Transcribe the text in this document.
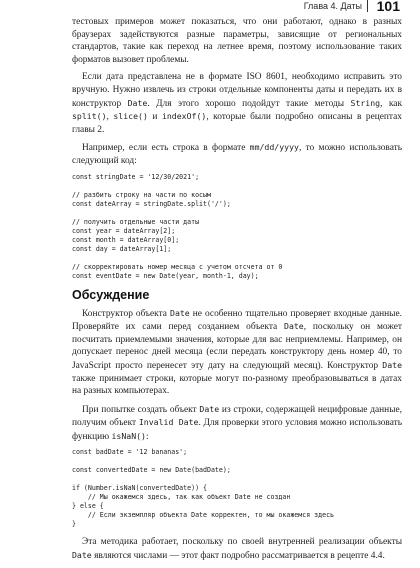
Глава 4. Даты	101

тестовых примеров может показаться, что они работают, однако в разных браузерах задействуются разные параметры, зависящие от региональных стандартов, такие как переход на летнее время, поэтому использование таких форматов вызовет проблемы.

Если дата представлена не в формате ISO 8601, необходимо исправить это вручную. Нужно извлечь из строки отдельные компоненты даты и передать их в конструктор Date. Для этого хорошо подойдут такие методы String, как split(), slice() и indexOf(), которые были подробно описаны в рецептах главы 2.

Например, если есть строка в формате mm/dd/yyyy, то можно использовать следующий код:

const stringDate = '12/30/2021';

// разбить строку на части по косым
const dateArray = stringDate.split('/');

// получить отдельные части даты
const year = dateArray[2];
const month = dateArray[0];
const day = dateArray[1];

// скорректировать номер месяца с учетом отсчета от 0
const eventDate = new Date(year, month-1, day);
Обсуждение

Конструктор объекта Date не особенно тщательно проверяет входные данные. Проверяйте их сами перед созданием объекта Date, поскольку он может посчитать приемлемыми значения, которые для вас неприемлемы. Например, он допускает перенос дней месяца (если передать конструктору день номер 40, то JavaScript просто перенесет эту дату на следующий месяц). Конструктор Date также принимает строки, которые могут по-разному преобразовываться в датах на разных компьютерах.

При попытке создать объект Date из строки, содержащей нецифровые данные, получим объект Invalid Date. Для проверки этого условия можно использовать функцию isNaN():

const badDate = '12 bananas';

const convertedDate = new Date(badDate);

if (Number.isNaN(convertedDate)) {
// Мы окажемся здесь, так как объект Date не создан
} else {
// Если экземпляр объекта Date корректен, то мы окажемся здесь
}

Эта методика работает, поскольку по своей внутренней реализации объекты Date являются числами — этот факт подробно рассматривается в рецепте 4.4.
